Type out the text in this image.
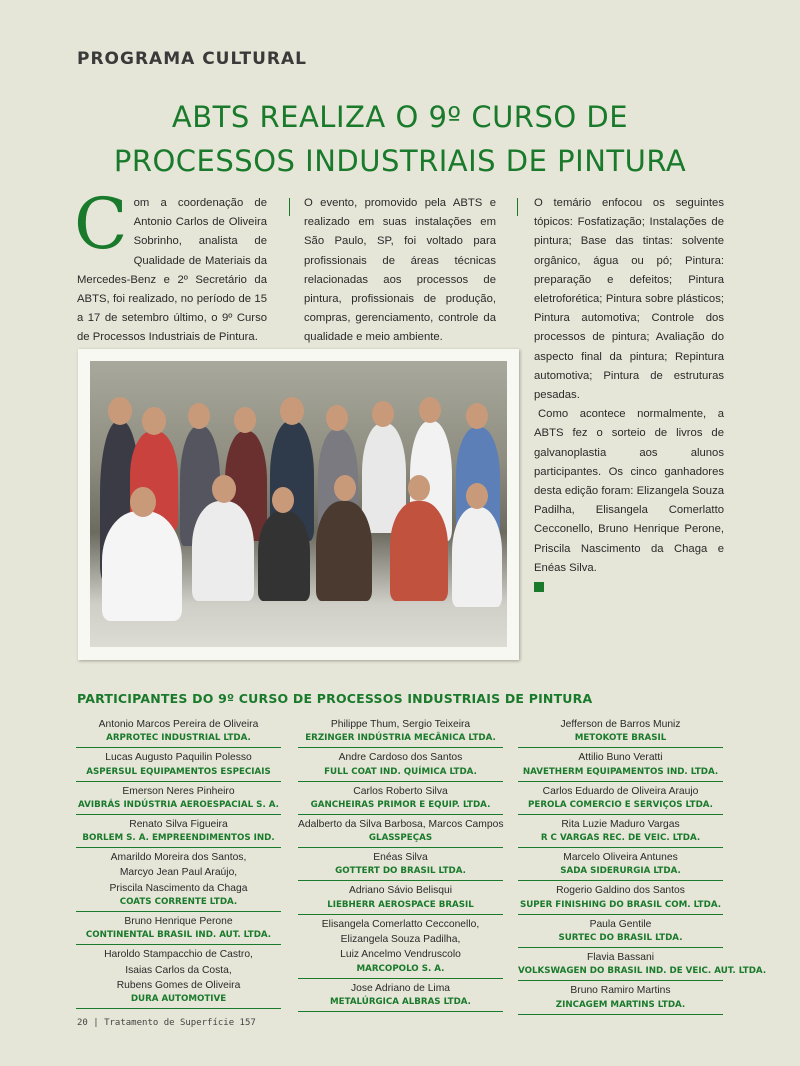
PROGRAMA CULTURAL
ABTS REALIZA O 9º CURSO DE
PROCESSOS INDUSTRIAIS DE PINTURA

Com a coordenação de Antonio Carlos de Oliveira Sobrinho, analista de Qualidade de Materiais da Mercedes-Benz e 2º Secretário da ABTS, foi realizado, no período de 15 a 17 de setembro último, o 9º Curso de Processos Industriais de Pintura.

O evento, promovido pela ABTS e realizado em suas instalações em São Paulo, SP, foi voltado para profissionais de áreas técnicas relacionadas aos processos de pintura, profissionais de produção, compras, gerenciamento, controle da qualidade e meio ambiente.

O temário enfocou os seguintes tópicos: Fosfatização; Instalações de pintura; Base das tintas: solvente orgânico, água ou pó; Pintura: preparação e defeitos; Pintura eletroforética; Pintura sobre plásticos; Pintura automotiva; Controle dos processos de pintura; Avaliação do aspecto final da pintura; Repintura automotiva; Pintura de estruturas pesadas.

Como acontece normalmente, a ABTS fez o sorteio de livros de galvanoplastia aos alunos participantes. Os cinco ganhadores desta edição foram: Elizangela Souza Padilha, Elisangela Comerlatto Cecconello, Bruno Henrique Perone, Priscila Nascimento da Chaga e Enéas Silva.

PARTICIPANTES DO 9º CURSO DE PROCESSOS INDUSTRIAIS DE PINTURA
Antonio Marcos Pereira de Oliveira
ARPROTEC INDUSTRIAL LTDA.
Lucas Augusto Paquilin Polesso
ASPERSUL EQUIPAMENTOS ESPECIAIS
Emerson Neres Pinheiro
AVIBRÁS INDÚSTRIA AEROESPACIAL S. A.
Renato Silva Figueira
BORLEM S. A. EMPREENDIMENTOS IND.
Amarildo Moreira dos Santos,
Marcyo Jean Paul Araújo,
Priscila Nascimento da Chaga
COATS CORRENTE LTDA.
Bruno Henrique Perone
CONTINENTAL BRASIL IND. AUT. LTDA.
Haroldo Stampacchio de Castro,
Isaias Carlos da Costa,
Rubens Gomes de Oliveira
DURA AUTOMOTIVE
Philippe Thum, Sergio Teixeira
ERZINGER INDÚSTRIA MECÂNICA LTDA.
Andre Cardoso dos Santos
FULL COAT IND. QUÍMICA LTDA.
Carlos Roberto Silva
GANCHEIRAS PRIMOR E EQUIP. LTDA.
Adalberto da Silva Barbosa, Marcos Campos
GLASSPEÇAS
Enéas Silva
GOTTERT DO BRASIL LTDA.
Adriano Sávio Belisqui
LIEBHERR AEROSPACE BRASIL
Elisangela Comerlatto Cecconello,
Elizangela Souza Padilha,
Luiz Ancelmo Vendruscolo
MARCOPOLO S. A.
Jose Adriano de Lima
METALÚRGICA ALBRAS LTDA.
Jefferson de Barros Muniz
METOKOTE BRASIL
Attilio Buno Veratti
NAVETHERM EQUIPAMENTOS IND. LTDA.
Carlos Eduardo de Oliveira Araujo
PEROLA COMERCIO E SERVIÇOS LTDA.
Rita Luzie Maduro Vargas
R C VARGAS REC. DE VEIC. LTDA.
Marcelo Oliveira Antunes
SADA SIDERURGIA LTDA.
Rogerio Galdino dos Santos
SUPER FINISHING DO BRASIL COM. LTDA.
Paula Gentile
SURTEC DO BRASIL LTDA.
Flavia Bassani
VOLKSWAGEN DO BRASIL IND. DE VEIC. AUT. LTDA.
Bruno Ramiro Martins
ZINCAGEM MARTINS LTDA.
20 | Tratamento de Superfície 157
